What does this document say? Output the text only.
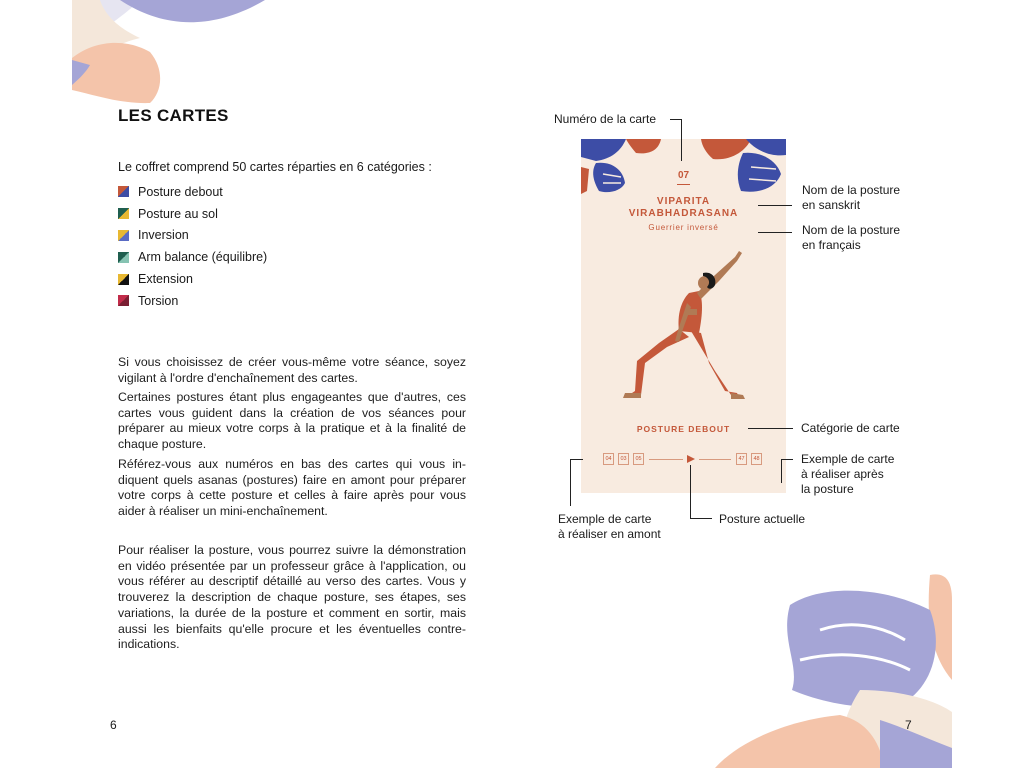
LES CARTES
Le coffret comprend 50 cartes réparties en 6 catégories :
Posture debout
Posture au sol
Inversion
Arm balance (équilibre)
Extension
Torsion
Si vous choisissez de créer vous-même votre séance, soyez vigilant à l'ordre d'enchaînement des cartes.
Certaines postures étant plus engageantes que d'autres, ces cartes vous guident dans la création de vos séances pour préparer au mieux votre corps à la pratique et à la finalité de chaque posture.
Référez-vous aux numéros en bas des cartes qui vous in-diquent quels asanas (postures) faire en amont pour préparer votre corps à cette posture et celles à faire après pour vous aider à réaliser un mini-enchaînement.
Pour réaliser la posture, vous pourrez suivre la démonstration en vidéo présentée par un professeur grâce à l'application, ou vous référer au descriptif détaillé au verso des cartes. Vous y trouverez la description de chaque posture, ses étapes, ses variations, la durée de la posture et comment en sortir, mais aussi les bienfaits qu'elle procure et les éventuelles contre-indications.
6
07
VIPARITA
VIRABHADRASANA
Guerrier inversé
POSTURE DEBOUT
04	03	05	47	48
Numéro de la carte
Nom de la posture
en sanskrit
Nom de la posture
en français
Catégorie de carte
Exemple de carte
à réaliser après
la posture
Exemple de carte
à réaliser en amont
Posture actuelle
7
